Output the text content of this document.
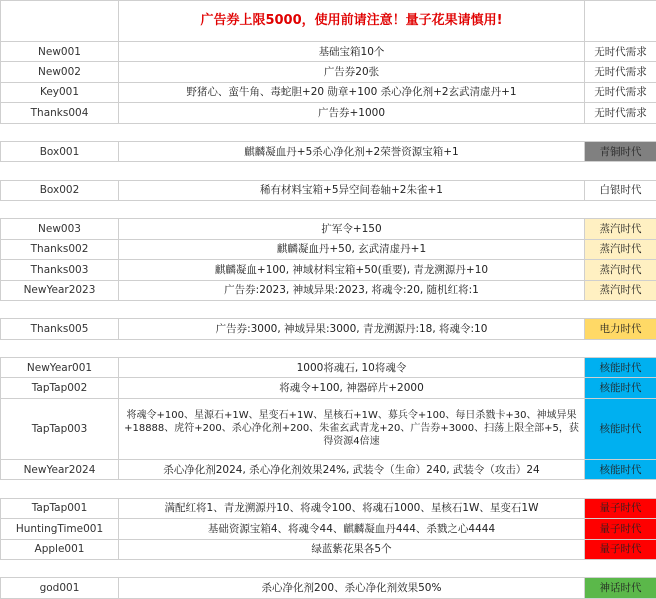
	广告券上限5000，使用前请注意！量子花果请慎用!	
New001	基础宝箱10个	无时代需求
New002	广告券20张	无时代需求
Key001	野猪心、蛮牛角、毒蛇胆+20 勋章+100 杀心净化剂+2玄武清虚丹+1	无时代需求
Thanks004	广告券+1000	无时代需求

Box001	麒麟凝血丹+5杀心净化剂+2荣誉资源宝箱+1	青铜时代

Box002	稀有材料宝箱+5异空间卷轴+2朱雀+1	白银时代

New003	扩军令+150	蒸汽时代
Thanks002	麒麟凝血丹+50, 玄武清虚丹+1	蒸汽时代
Thanks003	麒麟凝血+100, 神域材料宝箱+50(重要), 青龙溯源丹+10	蒸汽时代
NewYear2023	广告券:2023, 神域异果:2023, 将魂令:20, 随机红将:1	蒸汽时代

Thanks005	广告券:3000, 神域异果:3000, 青龙溯源丹:18, 将魂令:10	电力时代

NewYear001	1000将魂石, 10将魂令	核能时代
TapTap002	将魂令+100, 神器碎片+2000	核能时代
TapTap003	将魂令+100、星源石+1W、星变石+1W、星核石+1W、募兵令+100、每日杀戮卡+30、神域异果+18888、虎符+200、杀心净化剂+200、朱雀玄武青龙+20、广告券+3000、扫荡上限全部+5，获得资源4倍速	核能时代
NewYear2024	杀心净化剂2024, 杀心净化剂效果24%, 武装令（生命）240, 武装令（攻击）24	核能时代

TapTap001	满配红将1、青龙溯源丹10、将魂令100、将魂石1000、星核石1W、星变石1W	量子时代
HuntingTime001	基础资源宝箱4、将魂令44、麒麟凝血丹444、杀戮之心4444	量子时代
Apple001	绿蓝紫花果各5个	量子时代

god001	杀心净化剂200、杀心净化剂效果50%	神话时代
